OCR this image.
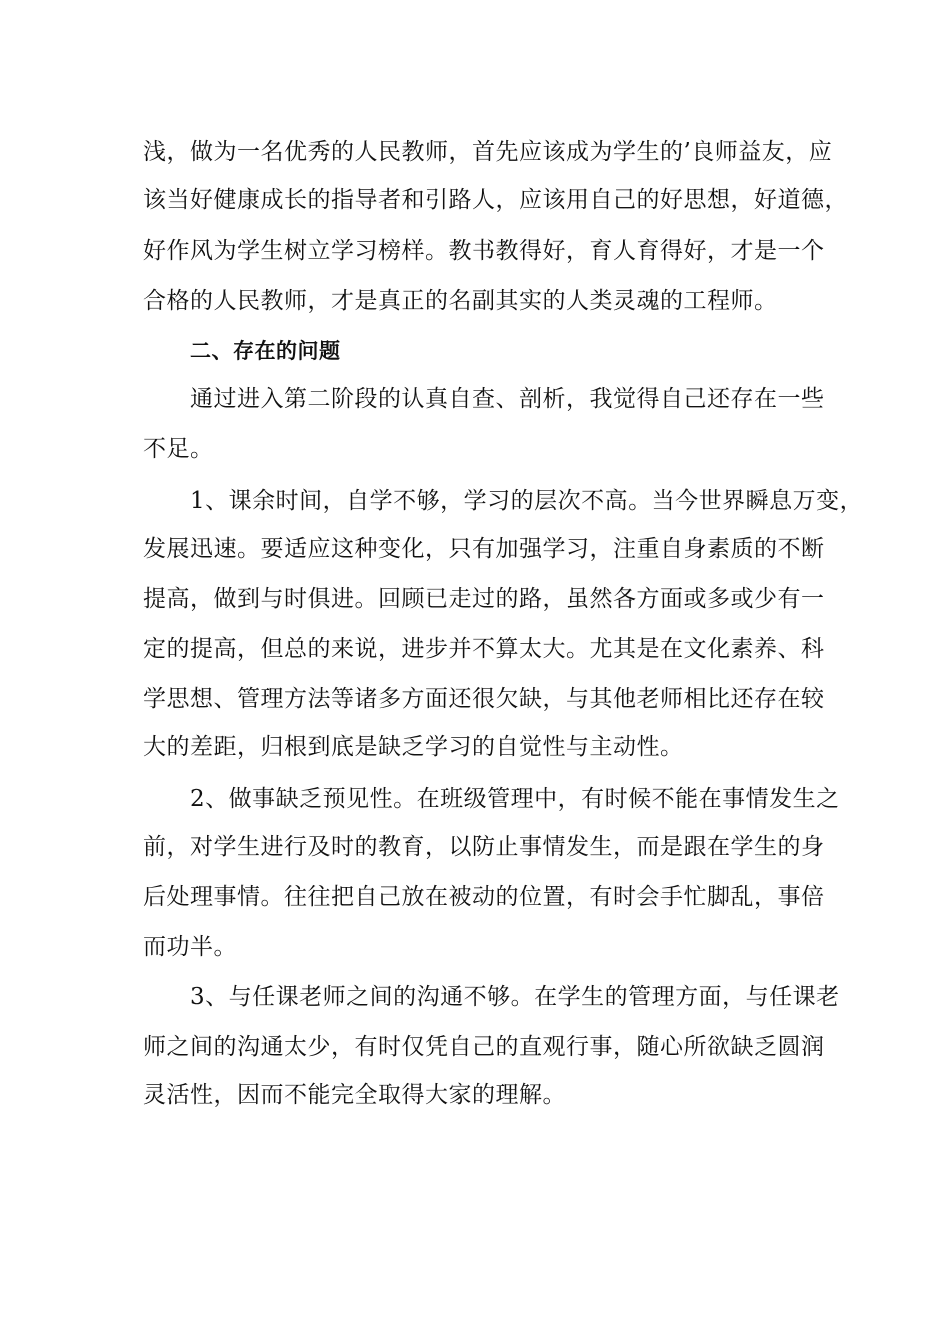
浅，做为一名优秀的人民教师，首先应该成为学生的’良师益友，应
该当好健康成长的指导者和引路人，应该用自己的好思想，好道德，
好作风为学生树立学习榜样。教书教得好，育人育得好，才是一个
合格的人民教师，才是真正的名副其实的人类灵魂的工程师。
二、存在的问题
通过进入第二阶段的认真自查、剖析，我觉得自己还存在一些
不足。
1、课余时间，自学不够，学习的层次不高。当今世界瞬息万变，
发展迅速。要适应这种变化，只有加强学习，注重自身素质的不断
提高，做到与时俱进。回顾已走过的路，虽然各方面或多或少有一
定的提高，但总的来说，进步并不算太大。尤其是在文化素养、科
学思想、管理方法等诸多方面还很欠缺，与其他老师相比还存在较
大的差距，归根到底是缺乏学习的自觉性与主动性。
2、做事缺乏预见性。在班级管理中，有时候不能在事情发生之
前，对学生进行及时的教育，以防止事情发生，而是跟在学生的身
后处理事情。往往把自己放在被动的位置，有时会手忙脚乱，事倍
而功半。
3、与任课老师之间的沟通不够。在学生的管理方面，与任课老
师之间的沟通太少，有时仅凭自己的直观行事，随心所欲缺乏圆润
灵活性，因而不能完全取得大家的理解。
